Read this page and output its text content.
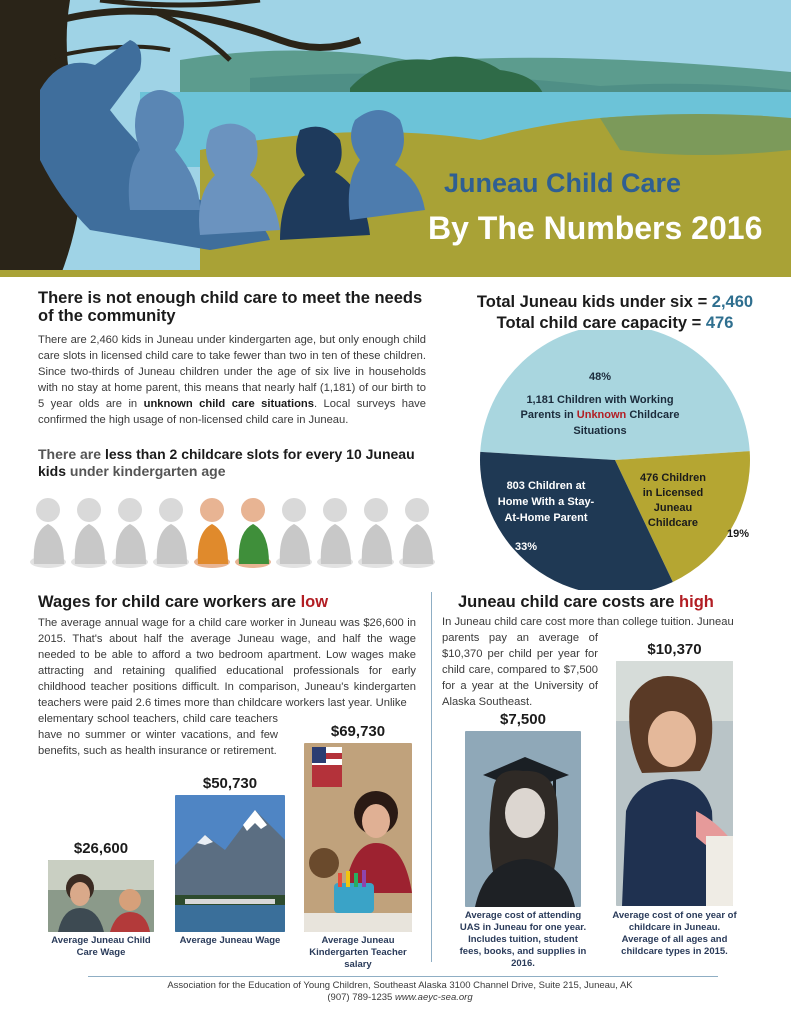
Juneau Child Care
By The Numbers 2016
There is not enough child care to meet the needs of the community
There are 2,460 kids in Juneau under kindergarten age, but only enough child care slots in licensed child care to take fewer than two in ten of these children. Since two-thirds of Juneau children under the age of six live in households with no stay at home parent, this means that nearly half (1,181) of our birth to 5 year olds are in unknown child care situations. Local surveys have confirmed the high usage of non-licensed child care in Juneau.
There are less than 2 childcare slots for every 10 Juneau kids under kindergarten age
Total Juneau kids under six = 2,460
Total child care capacity = 476
48%
1,181 Children with Working
Parents in Unknown Childcare
Situations
476 Children
in Licensed
Juneau
Childcare
19%
803 Children at
Home With a Stay-
At-Home Parent
33%
Wages for child care workers are low
The average annual wage for a child care worker in Juneau was $26,600 in 2015. That's about half the average Juneau wage, and half the wage needed to be able to afford a two bedroom apartment. Low wages make attracting and retaining qualified educational professionals for early childhood teacher positions difficult. In comparison, Juneau's kindergarten teachers were paid 2.6 times more than childcare workers last year. Unlike
elementary school teachers, child care teachers have no summer or winter vacations, and few benefits, such as health insurance or retirement.
$26,600
Average Juneau Child Care Wage
$50,730
Average Juneau Wage
$69,730
Average Juneau Kindergarten Teacher salary
Juneau child care costs are high
In Juneau child care cost more than college tuition. Juneau
parents pay an average of $10,370 per child per year for child care, compared to $7,500 for a year at the University of Alaska Southeast.
$7,500
Average cost of attending UAS in Juneau for one year. Includes tuition, student fees, books, and supplies in 2016.
$10,370
Average cost of one year of childcare in Juneau. Average of all ages and childcare types in 2015.
Association for the Education of Young Children, Southeast Alaska 3100 Channel Drive, Suite 215, Juneau, AK
(907) 789-1235 www.aeyc-sea.org
